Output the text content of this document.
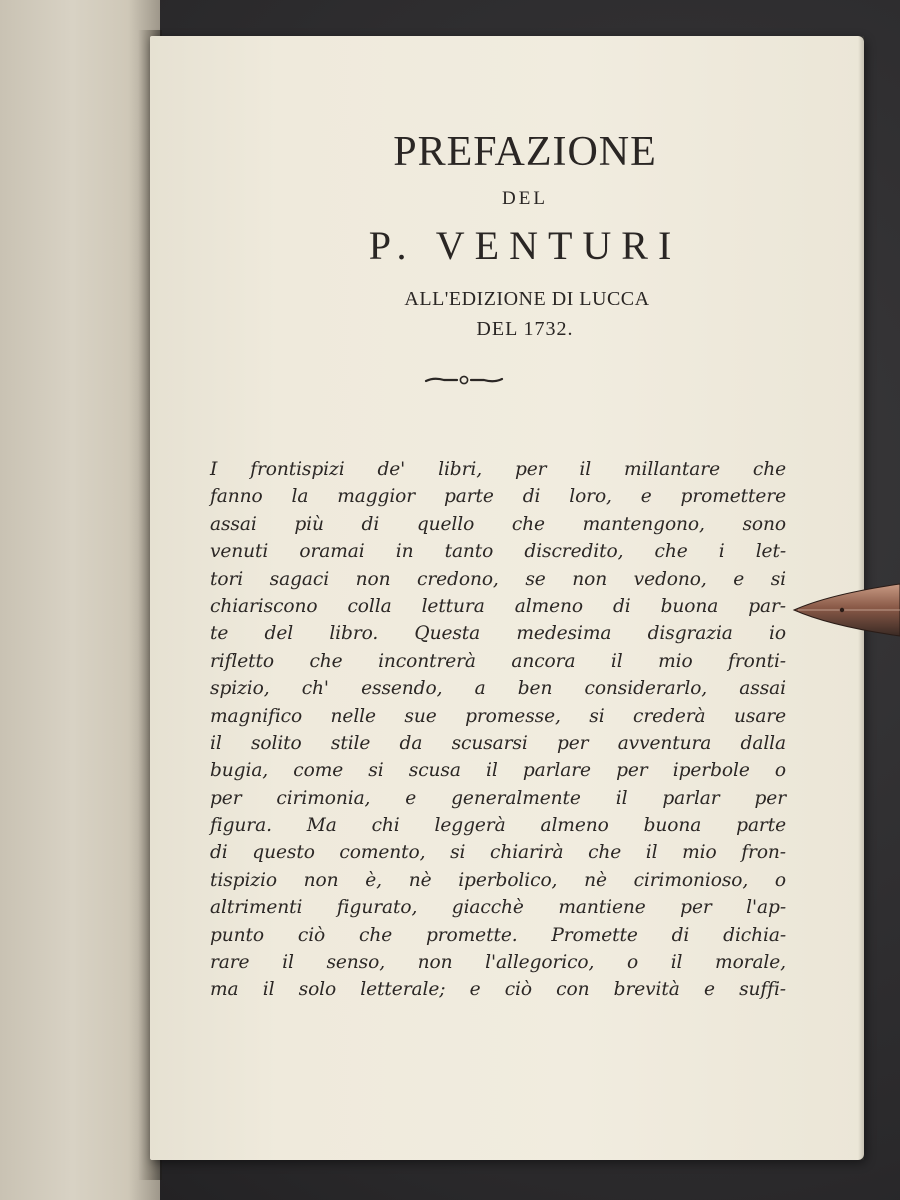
PREFAZIONE
DEL
P. VENTURI
ALL'EDIZIONE DI LUCCA
DEL 1732.
I frontispizi de' libri, per il millantare che
fanno la maggior parte di loro, e promettere
assai più di quello che mantengono, sono
venuti oramai in tanto discredito, che i let-
tori sagaci non credono, se non vedono, e si
chiariscono colla lettura almeno di buona par-
te del libro. Questa medesima disgrazia io
rifletto che incontrerà ancora il mio fronti-
spizio, ch' essendo, a ben considerarlo, assai
magnifico nelle sue promesse, si crederà usare
il solito stile da scusarsi per avventura dalla
bugia, come si scusa il parlare per iperbole o
per cirimonia, e generalmente il parlar per
figura. Ma chi leggerà almeno buona parte
di questo comento, si chiarirà che il mio fron-
tispizio non è, nè iperbolico, nè cirimonioso, o
altrimenti figurato, giacchè mantiene per l'ap-
punto ciò che promette. Promette di dichia-
rare il senso, non l'allegorico, o il morale,
ma il solo letterale; e ciò con brevità e suffi-
